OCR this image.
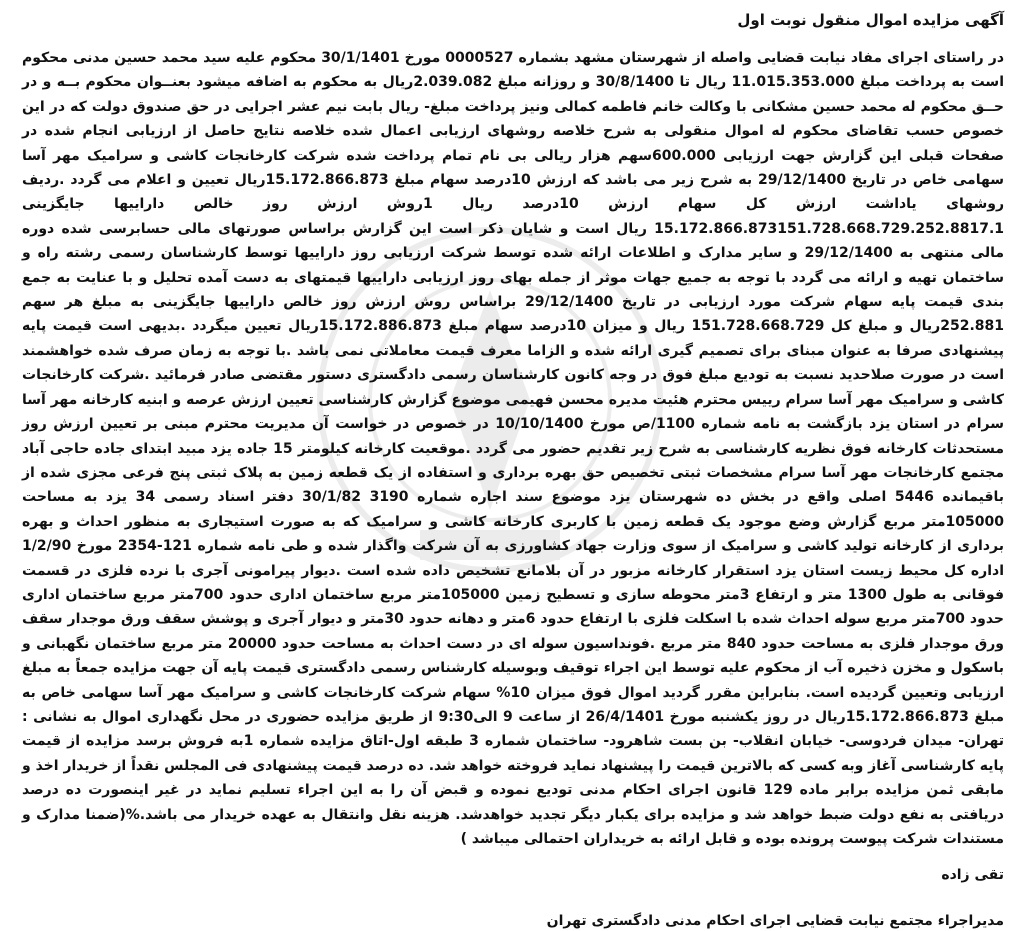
آگهی مزایده اموال منقول نوبت اول

در راستای اجرای مفاد نیابت قضایی واصله از شهرستان مشهد بشماره 0000527 مورخ 30/1/1401 محکوم علیه سید محمد حسین مدنی محکوم است به پرداخت مبلغ 11.015.353.000 ریال تا 30/8/1400 و روزانه مبلغ 2.039.082ریال به محکوم به اضافه میشود بعنــوان محکوم بــه و در حــق محکوم له محمد حسین مشکانی با وکالت خانم فاطمه کمالی ونیز پرداخت مبلغ- ریال بابت نیم عشر اجرایی در حق صندوق دولت که در این خصوص حسب تقاضای محکوم له اموال منقولی به شرح خلاصه روشهای ارزیابی اعمال شده خلاصه نتایج حاصل از ارزیابی انجام شده در صفحات قبلی این گزارش جهت ارزیابی 600.000سهم هزار ریالی بی نام تمام پرداخت شده شرکت کارخانجات کاشی و سرامیک مهر آسا سهامی خاص در تاریخ 29/12/1400 به شرح زیر می باشد که ارزش 10درصد سهام مبلغ 15.172.866.873ریال تعیین و اعلام می گردد .ردیف روشهای یاداشت ارزش کل سهام ارزش 10درصد ریال 1روش ارزش روز خالص داراییها جایگزینی 15.172.866.873151.728.668.729.252.8817.1 ریال است و شایان ذکر است این گزارش براساس صورتهای مالی حسابرسی شده دوره مالی منتهی به 29/12/1400 و سایر مدارک و اطلاعات ارائه شده توسط شرکت ارزیابی روز داراییها توسط کارشناسان رسمی رشته راه و ساختمان تهیه و ارائه می گردد با توجه به جمیع جهات موثر از جمله بهای روز ارزیابی داراییها قیمتهای به دست آمده تحلیل و با عنایت به جمع بندی قیمت پایه سهام شرکت مورد ارزیابی در تاریخ 29/12/1400 براساس روش ارزش روز خالص داراییها جایگزینی به مبلغ هر سهم 252.881ریال و مبلغ کل 151.728.668.729 ریال و میزان 10درصد سهام مبلغ 15.172.886.873ریال تعیین میگردد .بدیهی است قیمت پایه پیشنهادی صرفا به عنوان مبنای برای تصمیم گیری ارائه شده و الزاما معرف قیمت معاملاتی نمی باشد .با توجه به زمان صرف شده خواهشمند است در صورت صلاحدید نسبت به تودیع مبلغ فوق در وجه کانون کارشناسان رسمی دادگستری دستور مقتضی صادر فرمائید .شرکت کارخانجات کاشی و سرامیک مهر آسا سرام رییس محترم هئیت مدیره محسن فهیمی موضوع گزارش کارشناسی تعیین ارزش عرصه و ابنیه کارخانه مهر آسا سرام در استان یزد بازگشت به نامه شماره 1100/ص مورخ 10/10/1400 در خصوص در خواست آن مدیریت محترم مبنی بر تعیین ارزش روز مستحدثات کارخانه فوق نظریه کارشناسی به شرح زیر تقدیم حضور می گردد .موقعیت کارخانه کیلومتر 15 جاده یزد مبید ابتدای جاده حاجی آباد مجتمع کارخانجات مهر آسا سرام مشخصات ثبتی تخصیص حق بهره برداری و استفاده از یک قطعه زمین به پلاک ثبتی پنج فرعی مجزی شده از باقیمانده 5446 اصلی واقع در بخش ده شهرستان یزد موضوع سند اجاره شماره 3190 30/1/82 دفتر اسناد رسمی 34 یزد به مساحت 105000متر مربع گزارش وضع موجود یک قطعه زمین با کاربری کارخانه کاشی و سرامیک که به صورت استیجاری به منظور احداث و بهره برداری از کارخانه تولید کاشی و سرامیک از سوی وزارت جهاد کشاورزی به آن شرکت واگذار شده و طی نامه شماره 121-2354 مورخ 1/2/90 اداره کل محیط زیست استان یزد استقرار کارخانه مزبور در آن بلامانع تشخیص داده شده است .دیوار پیرامونی آجری با نرده فلزی در قسمت فوقانی به طول 1300 متر و ارتفاع 3متر محوطه سازی و تسطیح زمین 105000متر مربع ساختمان اداری حدود 700متر مربع ساختمان اداری حدود 700متر مربع سوله احداث شده با اسکلت فلزی با ارتفاع حدود 6متر و دهانه حدود 30متر و دیوار آجری و پوشش سقف ورق موجدار سقف ورق موجدار فلزی به مساحت حدود 840 متر مربع .فونداسیون سوله ای در دست احداث به مساحت حدود 20000 متر مربع ساختمان نگهبانی و باسکول و مخزن ذخیره آب از محکوم علیه توسط این اجراء توقیف وبوسیله کارشناس رسمی دادگستری قیمت پایه آن جهت مزایده جمعاً به مبلغ ارزیابی وتعیین گردیده است. بنابراین مقرر گردید اموال فوق میزان 10% سهام شرکت کارخانجات کاشی و سرامیک مهر آسا سهامی خاص به مبلغ 15.172.866.873ریال در روز یکشنبه مورخ 26/4/1401 از ساعت 9 الی9:30 از طریق مزایده حضوری در محل نگهداری اموال به نشانی : تهران- میدان فردوسی- خیابان انقلاب- بن بست شاهرود- ساختمان شماره 3 طبقه اول-اتاق مزایده شماره 1به فروش برسد مزایده از قیمت پایه کارشناسی آغاز وبه کسی که بالاترین قیمت را پیشنهاد نماید فروخته خواهد شد. ده درصد قیمت پیشنهادی فی المجلس نقداً از خریدار اخذ و مابقی ثمن مزایده برابر ماده 129 قانون اجرای احکام مدنی تودیع نموده و قبض آن را به این اجراء تسلیم نماید در غیر اینصورت ده درصد دریافتی به نفع دولت ضبط خواهد شد و مزایده برای یکبار دیگر تجدید خواهدشد. هزینه نقل وانتقال به عهده خریدار می باشد.%(ضمنا مدارک و مستندات شرکت پیوست پرونده بوده و قابل ارائه به خریداران احتمالی میباشد )

تقی زاده
مدیراجراء مجتمع نیابت قضایی اجرای احکام مدنی دادگستری تهران
